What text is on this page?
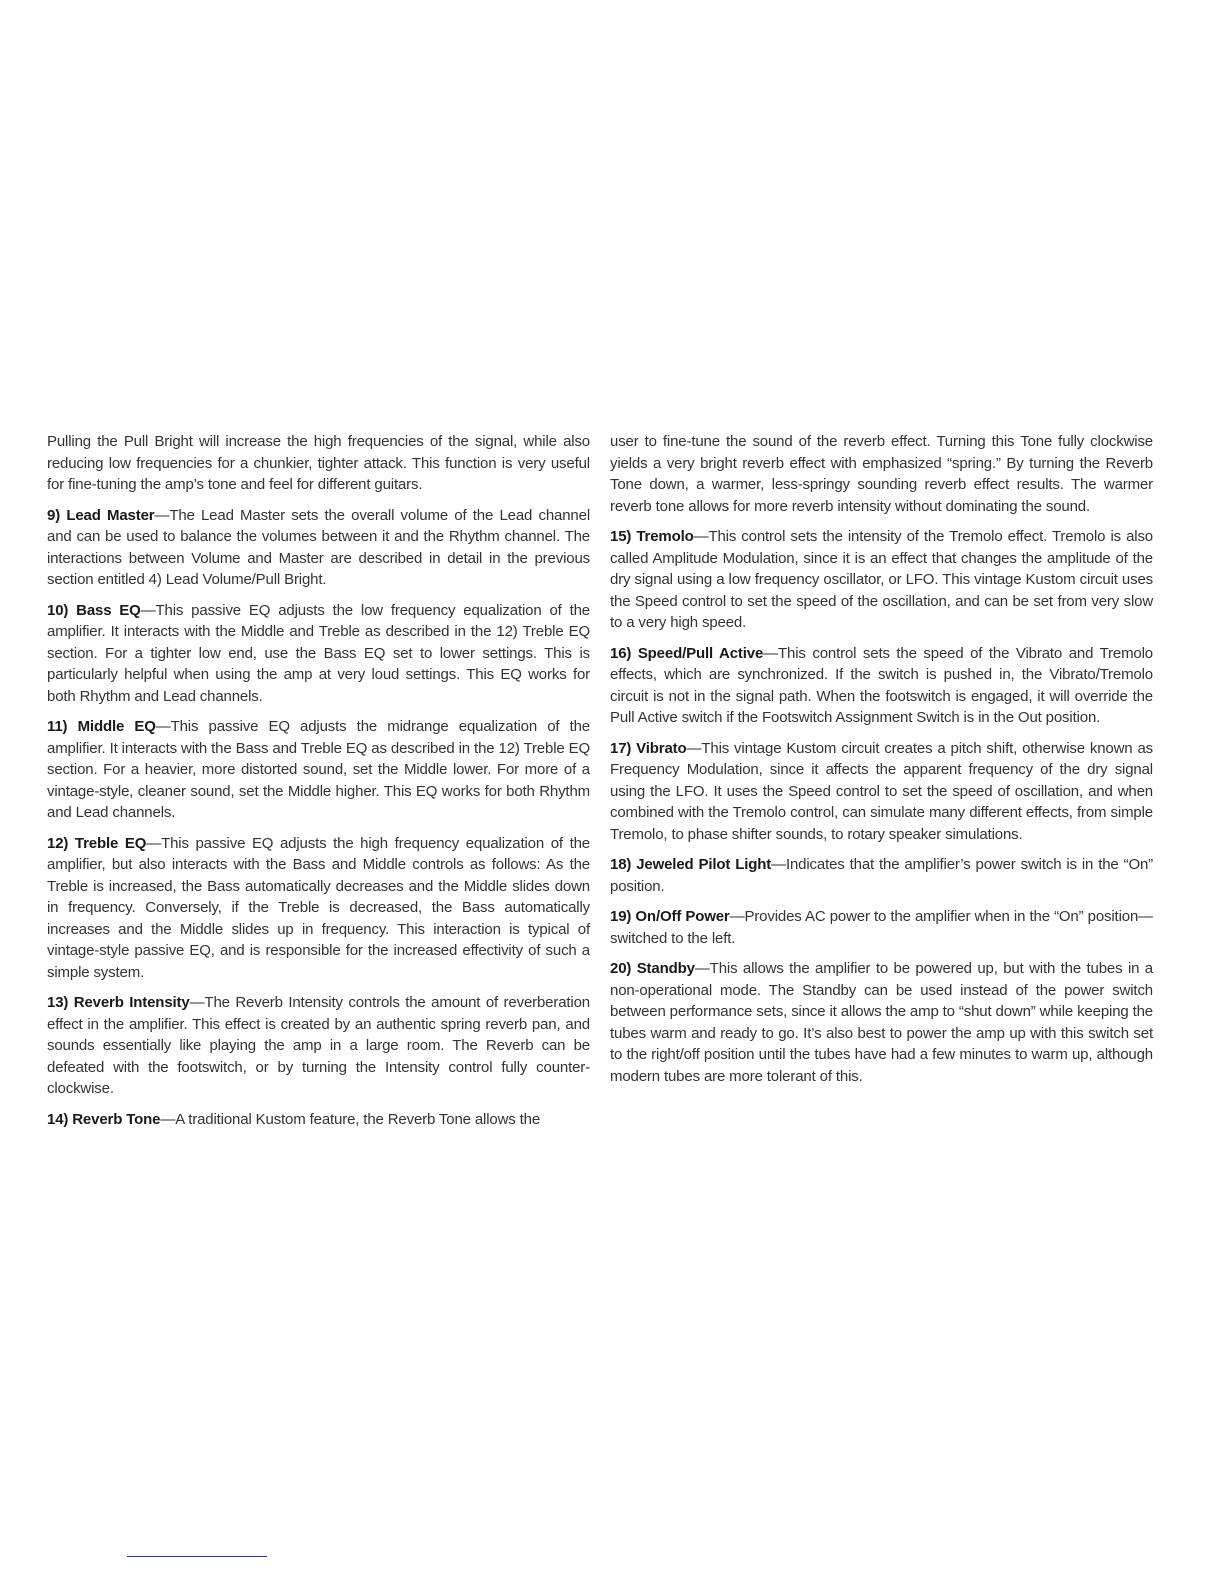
Pulling the Pull Bright will increase the high frequencies of the signal, while also reducing low frequencies for a chunkier, tighter attack. This function is very useful for fine-tuning the amp’s tone and feel for different guitars.

9) Lead Master—The Lead Master sets the overall volume of the Lead channel and can be used to balance the volumes between it and the Rhythm channel. The interactions between Volume and Master are described in detail in the previous section entitled 4) Lead Volume/Pull Bright.

10) Bass EQ—This passive EQ adjusts the low frequency equalization of the amplifier. It interacts with the Middle and Treble as described in the 12) Treble EQ section. For a tighter low end, use the Bass EQ set to lower settings. This is particularly helpful when using the amp at very loud settings. This EQ works for both Rhythm and Lead channels.

11) Middle EQ—This passive EQ adjusts the midrange equalization of the amplifier. It interacts with the Bass and Treble EQ as described in the 12) Treble EQ section. For a heavier, more distorted sound, set the Middle lower. For more of a vintage-style, cleaner sound, set the Middle higher. This EQ works for both Rhythm and Lead channels.

12) Treble EQ—This passive EQ adjusts the high frequency equalization of the amplifier, but also interacts with the Bass and Middle controls as follows: As the Treble is increased, the Bass automatically decreases and the Middle slides down in frequency. Conversely, if the Treble is decreased, the Bass automatically increases and the Middle slides up in frequency. This interaction is typical of vintage-style passive EQ, and is responsible for the increased effectivity of such a simple system.

13) Reverb Intensity—The Reverb Intensity controls the amount of reverberation effect in the amplifier. This effect is created by an authentic spring reverb pan, and sounds essentially like playing the amp in a large room. The Reverb can be defeated with the footswitch, or by turning the Intensity control fully counter-clockwise.

14) Reverb Tone—A traditional Kustom feature, the Reverb Tone allows the

user to fine-tune the sound of the reverb effect. Turning this Tone fully clockwise yields a very bright reverb effect with emphasized “spring.” By turning the Reverb Tone down, a warmer, less-springy sounding reverb effect results. The warmer reverb tone allows for more reverb intensity without dominating the sound.

15) Tremolo—This control sets the intensity of the Tremolo effect. Tremolo is also called Amplitude Modulation, since it is an effect that changes the amplitude of the dry signal using a low frequency oscillator, or LFO. This vintage Kustom circuit uses the Speed control to set the speed of the oscillation, and can be set from very slow to a very high speed.

16) Speed/Pull Active—This control sets the speed of the Vibrato and Tremolo effects, which are synchronized. If the switch is pushed in, the Vibrato/Tremolo circuit is not in the signal path. When the footswitch is engaged, it will override the Pull Active switch if the Footswitch Assignment Switch is in the Out position.

17) Vibrato—This vintage Kustom circuit creates a pitch shift, otherwise known as Frequency Modulation, since it affects the apparent frequency of the dry signal using the LFO. It uses the Speed control to set the speed of oscillation, and when combined with the Tremolo control, can simulate many different effects, from simple Tremolo, to phase shifter sounds, to rotary speaker simulations.

18) Jeweled Pilot Light—Indicates that the amplifier’s power switch is in the “On” position.

19) On/Off Power—Provides AC power to the amplifier when in the “On” position—switched to the left.

20) Standby—This allows the amplifier to be powered up, but with the tubes in a non-operational mode. The Standby can be used instead of the power switch between performance sets, since it allows the amp to “shut down” while keeping the tubes warm and ready to go. It’s also best to power the amp up with this switch set to the right/off position until the tubes have had a few minutes to warm up, although modern tubes are more tolerant of this.
